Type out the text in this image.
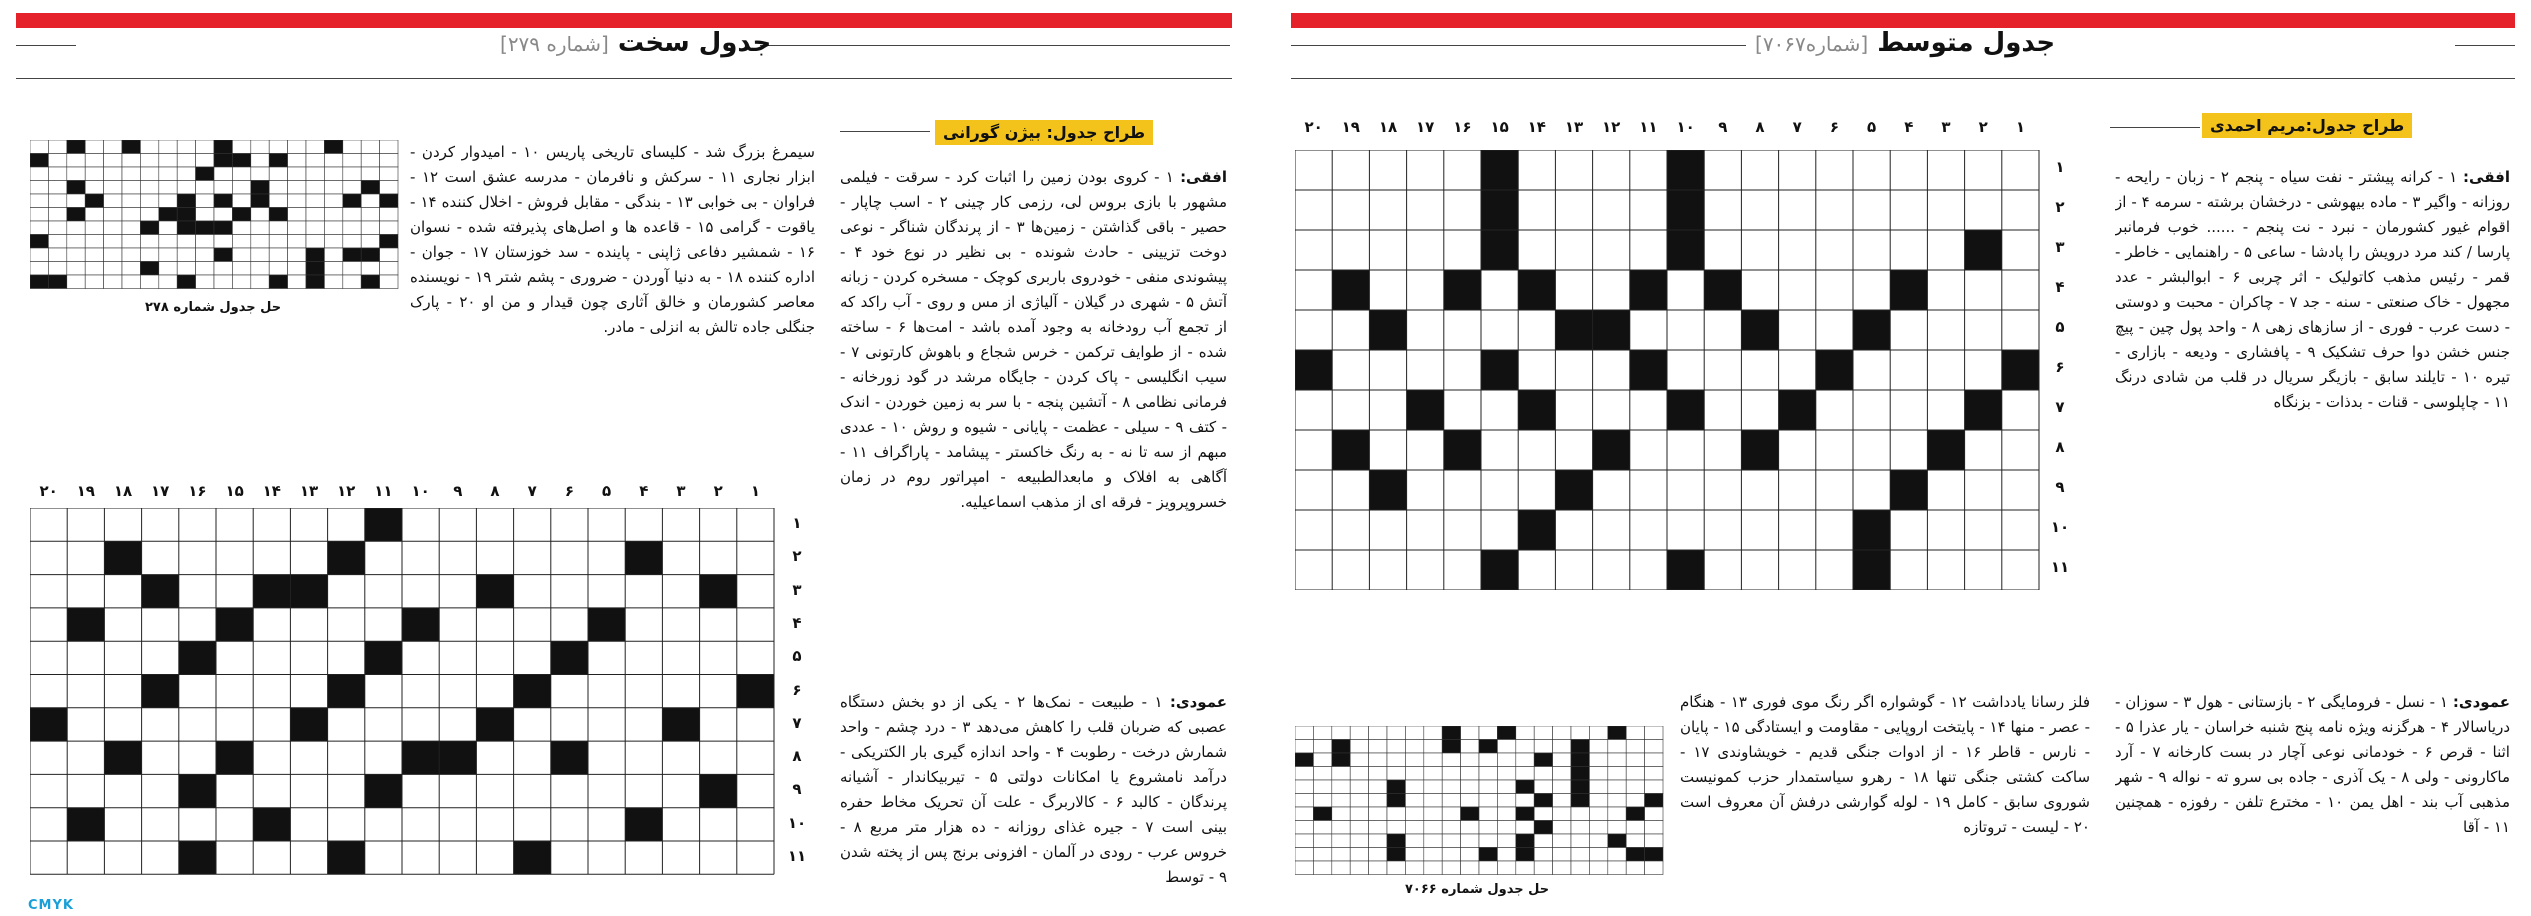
جدول سخت [شماره ۲۷۹]	جدول متوسط [شماره۷۰۶۷]
طراح جدول: بیژن گورانی
افقی: ۱ - کروی بودن زمین را اثبات کرد - سرقت - فیلمی مشهور با بازی بروس لی، رزمی کار چینی ۲ - اسب چاپار - حصیر - باقی گذاشتن - زمین‌ها ۳ - از پرندگان شناگر - نوعی دوخت تزیینی - حادث شونده - بی نظیر در نوع خود ۴ - پیشوندی منفی - خودروی باربری کوچک - مسخره کردن - زبانه آتش ۵ - شهری در گیلان - آلیاژی از مس و روی - آب راکد که از تجمع آب رودخانه به وجود آمده باشد - امت‌ها ۶ - ساخته شده - از طوایف ترکمن - خرس شجاع و باهوش کارتونی ۷ - سیب انگلیسی - پاک کردن - جایگاه مرشد در گود زورخانه - فرمانی نظامی ۸ - آتشین پنجه - با سر به زمین خوردن - اندک - کتف ۹ - سیلی - عظمت - پایانی - شیوه و روش ۱۰ - عددی مبهم از سه تا نه - به رنگ خاکستر - پیشامد - پاراگراف ۱۱ - آگاهی به افلاک و مابعدالطبیعه - امپراتور روم در زمان خسروپرویز - فرقه ای از مذهب اسماعیلیه.
عمودی: ۱ - طبیعت - نمک‌ها ۲ - یکی از دو بخش دستگاه عصبی که ضربان قلب را کاهش می‌دهد ۳ - درد چشم - واحد شمارش درخت - رطوبت ۴ - واحد اندازه گیری بار الکتریکی - درآمد نامشروع یا امکانات دولتی ۵ - تیربیکاندار - آشیانه پرندگان - کالبد ۶ - کالاربرگ - علت آن تحریک مخاط حفره بینی است ۷ - جیره غذای روزانه - ده هزار متر مربع ۸ - خروس عرب - رودی در آلمان - افزونی برنج پس از پخته شدن ۹ - توسط
سیمرغ بزرگ شد - کلیسای تاریخی پاریس ۱۰ - امیدوار کردن - ابزار نجاری ۱۱ - سرکش و نافرمان - مدرسه عشق است ۱۲ - فراوان - بی خوابی ۱۳ - بندگی - مقابل فروش - اخلال کننده ۱۴ - یاقوت - گرامی ۱۵ - قاعده ها و اصل‌های پذیرفته شده - نسوان ۱۶ - شمشیر دفاعی ژاپنی - پاینده - سد خوزستان ۱۷ - جوان - اداره کننده ۱۸ - به دنیا آوردن - ضروری - پشم شتر ۱۹ - نویسنده معاصر کشورمان و خالق آثاری چون قیدار و من او ۲۰ - پارک جنگلی جاده تالش به انزلی - مادر.
حل جدول شماره ۲۷۸
۱
۲
۳
۴
۵
۶
۷
۸
۹
۱۰
۱۱
۱۲
۱۳
۱۴
۱۵
۱۶
۱۷
۱۸
۱۹
۲۰
۱
۲
۳
۴
۵
۶
۷
۸
۹
۱۰
۱۱
طراح جدول:مریم احمدی
افقی: ۱ - کرانه پیشتر - نفت سیاه - پنجم ۲ - زبان - رایحه - روزانه - واگیر ۳ - ماده بیهوشی - درخشان برشته - سرمه ۴ - از اقوام غیور کشورمان - نبرد - نت پنجم - ...... خوب فرمانبر پارسا / کند مرد درویش را پادشا - ساعی ۵ - راهنمایی - خاطر - قمر - رئیس مذهب کاتولیک - اثر چربی ۶ - ابوالبشر - عدد مجهول - خاک صنعتی - سنه - جد ۷ - چاکران - محبت و دوستی - دست عرب - فوری - از سازهای زهی ۸ - واحد پول چین - پیچ جنس خشن دوا حرف تشکیک ۹ - پافشاری - ودیعه - بازاری - تیره ۱۰ - تایلند سابق - بازیگر سریال در قلب من شادی درنگ ۱۱ - چاپلوسی - قنات - بدذات - بزنگاه
عمودی: ۱ - نسل - فرومایگی ۲ - بازستانی - هول ۳ - سوزان - دریاسالار ۴ - هرگزنه ویژه نامه پنج شنبه خراسان - یار عذرا ۵ - اثنا - قرص ۶ - خودمانی نوعی آچار در بست کارخانه ۷ - آرد ماکارونی - ولی ۸ - یک آذری - جاده بی سرو ته - نواله ۹ - شهر مذهبی آب بند - اهل یمن ۱۰ - مخترع تلفن - رفوزه - همچنین ۱۱ - آقا
فلز رسانا یادداشت ۱۲ - گوشواره اگر رنگ موی فوری ۱۳ - هنگام - عصر - منها ۱۴ - پایتخت اروپایی - مقاومت و ایستادگی ۱۵ - پایان - نارس - قاطر ۱۶ - از ادوات جنگی قدیم - خویشاوندی ۱۷ - ساکت کشتی جنگی تنها ۱۸ - رهرو سیاستمدار حزب کمونیست شوروی سابق - کامل ۱۹ - لوله گوارشی درفش آن معروف است ۲۰ - لیست - تروتازه
۱
۲
۳
۴
۵
۶
۷
۸
۹
۱۰
۱۱
۱۲
۱۳
۱۴
۱۵
۱۶
۱۷
۱۸
۱۹
۲۰
۱
۲
۳
۴
۵
۶
۷
۸
۹
۱۰
۱۱
حل جدول شماره ۷۰۶۶
CMYK
